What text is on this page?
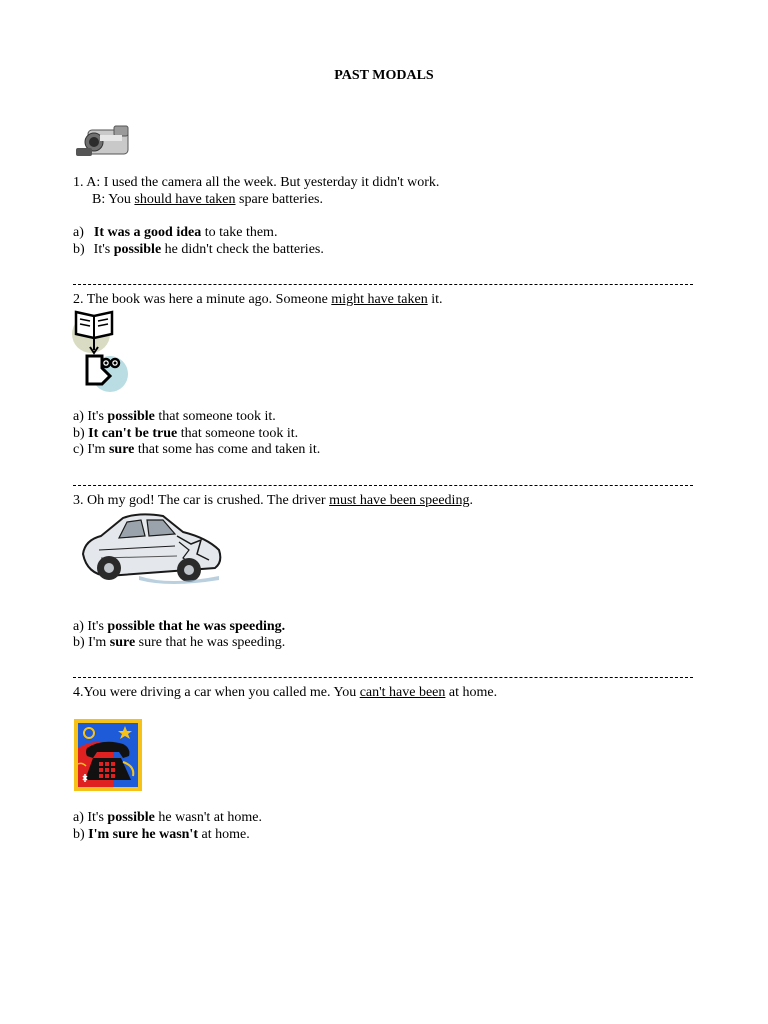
PAST MODALS
1. A: I used the camera all the week. But yesterday it didn't work.
B: You should have taken spare batteries.
a) It was a good idea to take them.
b) It's possible he didn't check the batteries.
2. The book was here a minute ago. Someone might have taken it.
a) It's possible that someone took it.
b) It can't be true that someone took it.
c) I'm sure that some has come and taken it.
3. Oh my god! The car is crushed. The driver must have been speeding.
a) It's possible that he was speeding.
b) I'm sure sure that he was speeding.
4.You were driving a car when you called me. You can't have been at home.
a) It's possible he wasn't at home.
b) I'm sure he wasn't at home.
